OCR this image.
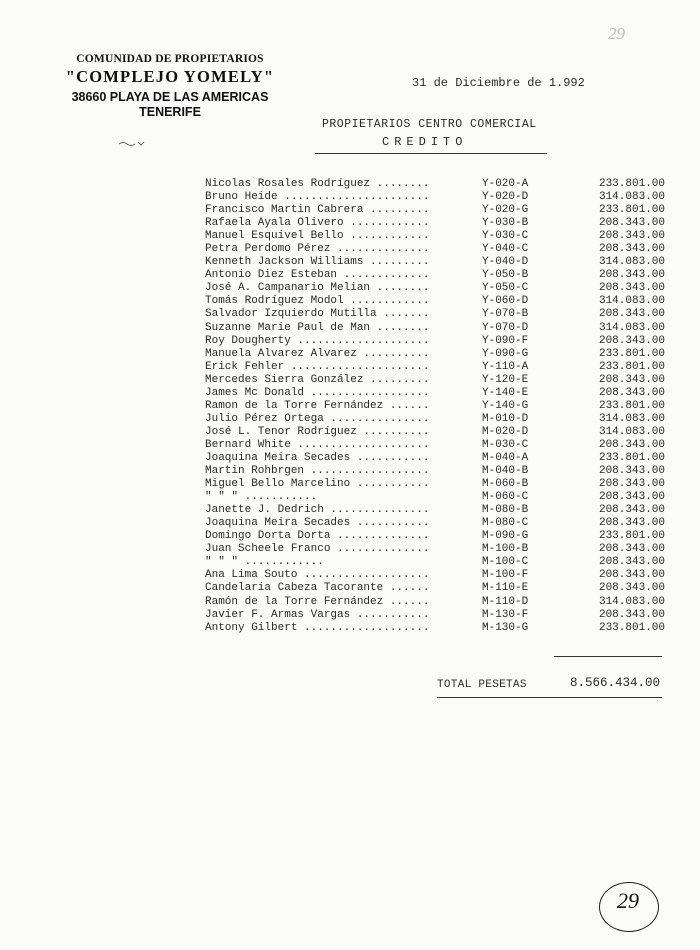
COMUNIDAD DE PROPIETARIOS
"COMPLEJO YOMELY"
38660 PLAYA DE LAS AMERICAS
TENERIFE
29
31 de Diciembre de 1.992
PROPIETARIOS CENTRO COMERCIAL
CREDITO
Nicolas Rosales Rodríguez ........	Y-020-A	233.801.00
Bruno Heide ......................	Y-020-D	314.083.00
Francisco Martin Cabrera .........	Y-020-G	233.801.00
Rafaela Ayala Olivero ............	Y-030-B	208.343.00
Manuel Esquivel Bello ............	Y-030-C	208.343.00
Petra Perdomo Pérez ..............	Y-040-C	208.343.00
Kenneth Jackson Williams .........	Y-040-D	314.083.00
Antonio Diez Esteban .............	Y-050-B	208.343.00
José A. Campanario Melian ........	Y-050-C	208.343.00
Tomás Rodríguez Modol ............	Y-060-D	314.083.00
Salvador Izquierdo Mutilla .......	Y-070-B	208.343.00
Suzanne Marie Paul de Man ........	Y-070-D	314.083.00
Roy Dougherty ....................	Y-090-F	208.343.00
Manuela Alvarez Alvarez ..........	Y-090-G	233.801.00
Erick Fehler .....................	Y-110-A	233.801.00
Mercedes Sierra González .........	Y-120-E	208.343.00
James Mc Donald ..................	Y-140-E	208.343.00
Ramon de la Torre Fernández ......	Y-140-G	233.801.00
Julio Pérez Ortega ...............	M-010-D	314.083.00
José L. Tenor Rodríguez ..........	M-020-D	314.083.00
Bernard White ....................	M-030-C	208.343.00
Joaquina Meira Secades ...........	M-040-A	233.801.00
Martin Rohbrgen ..................	M-040-B	208.343.00
Miguel Bello Marcelino ...........	M-060-B	208.343.00
" " " ...........	M-060-C	208.343.00
Janette J. Dedrich ...............	M-080-B	208.343.00
Joaquina Meira Secades ...........	M-080-C	208.343.00
Domingo Dorta Dorta ..............	M-090-G	233.801.00
Juan Scheele Franco ..............	M-100-B	208.343.00
" " " ............	M-100-C	208.343.00
Ana Lima Souto ...................	M-100-F	208.343.00
Candelaria Cabeza Tacorante ......	M-110-E	208.343.00
Ramón de la Torre Fernández ......	M-110-D	314.083.00
Javier F. Armas Vargas ...........	M-130-F	208.343.00
Antony Gilbert ...................	M-130-G	233.801.00
TOTAL PESETAS	8.566.434.00
29
